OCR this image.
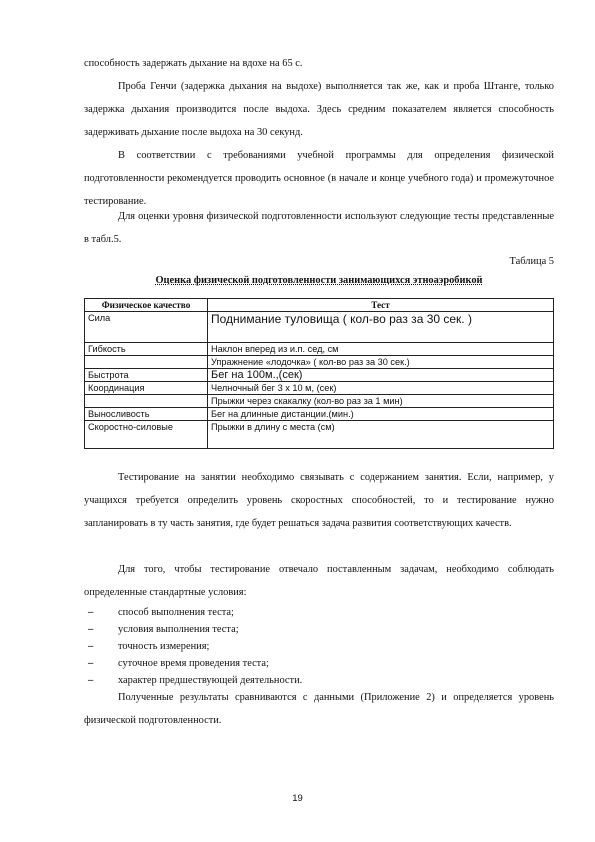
способность задержать дыхание на вдохе на 65 с.

Проба Генчи (задержка дыхания на выдохе) выполняется так же, как и проба Штанге, только задержка дыхания производится после выдоха. Здесь средним показателем является способность задерживать дыхание после выдоха на 30 секунд.

В соответствии с требованиями учебной программы для определения физической подготовленности рекомендуется проводить основное (в начале и конце учебного года) и промежуточное тестирование.

Для оценки уровня физической подготовленности используют следующие тесты представленные в табл.5.

Таблица 5

Оценка физической подготовленности занимающихся этноаэробикой

Физическое качество	Тест
Сила	Поднимание туловища ( кол-во раз за 30 сек. )
Гибкость	Наклон вперед из и.п. сед, см
	Упражнение «лодочка» ( кол-во раз за 30 сек.)
Быстрота	Бег на 100м.,(сек)
Координация	Челночный бег 3 х 10 м, (сек)
	Прыжки через скакалку (кол-во раз за 1 мин)
Выносливость	Бег на длинные дистанции.(мин.)
Скоростно-силовые	Прыжки в длину с места (см)

Тестирование на занятии необходимо связывать с содержанием занятия. Если, например, у учащихся требуется определить уровень скоростных способностей, то и тестирование нужно запланировать в ту часть занятия, где будет решаться задача развития соответствующих качеств.

Для того, чтобы тестирование отвечало поставленным задачам, необходимо соблюдать определенные стандартные условия:

– способ выполнения теста;
– условия выполнения теста;
– точность измерения;
– суточное время проведения теста;
– характер предшествующей деятельности.

Полученные результаты сравниваются с данными (Приложение 2) и определяется уровень физической подготовленности.

19
